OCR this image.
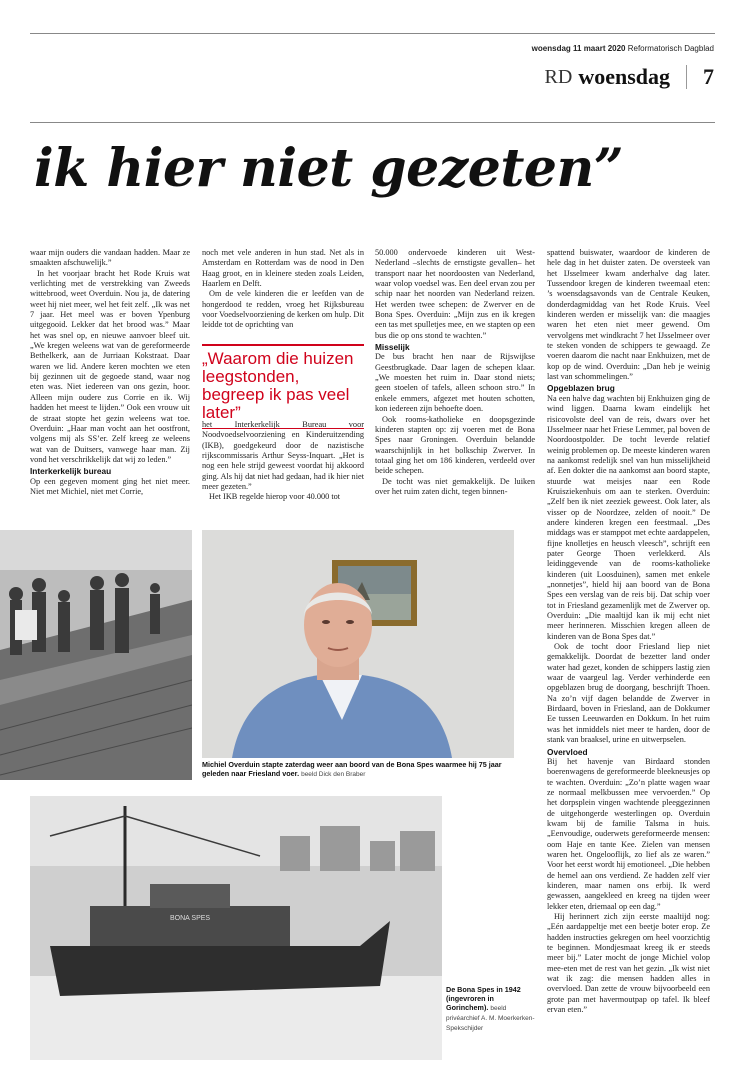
woensdag 11 maart 2020 Reformatorisch Dagblad
RD woensdag 7
ik hier niet gezeten”

waar mijn ouders die vandaan hadden. Maar ze smaakten afschuwelijk.”

In het voorjaar bracht het Rode Kruis wat verlichting met de verstrekking van Zweeds wittebrood, weet Overduin. Nou ja, de datering weet hij niet meer, wel het feit zelf. „Ik was net 7 jaar. Het meel was er boven Ypenburg uitgegooid. Lekker dat het brood was.” Maar het was snel op, en nieuwe aanvoer bleef uit. „We kregen weleens wat van de gereformeerde Bethelkerk, aan de Jurriaan Kokstraat. Daar waren we lid. Andere keren mochten we eten bij gezinnen uit de gegoede stand, waar nog eten was. Niet iedereen van ons gezin, hoor. Alleen mijn oudere zus Corrie en ik. Wij hadden het meest te lijden.” Ook een vrouw uit de straat stopte het gezin weleens wat toe. Overduin: „Haar man vocht aan het oostfront, volgens mij als SS’er. Zelf kreeg ze weleens wat van de Duitsers, vanwege haar man. Zij vond het verschrikkelijk dat wij zo leden.”

Interkerkelijk bureau

Op een gegeven moment ging het niet meer. Niet met Michiel, niet met Corrie,

noch met vele anderen in hun stad. Net als in Amsterdam en Rotterdam was de nood in Den Haag groot, en in kleinere steden zoals Leiden, Haarlem en Delft.

Om de vele kinderen die er leefden van de hongerdood te redden, vroeg het Rijksbureau voor Voedselvoorziening de kerken om hulp. Dit leidde tot de oprichting van

„Waarom die huizen leegstonden, begreep ik pas veel later”

het Interkerkelijk Bureau voor Noodvoedselvoorziening en Kinderuitzending (IKB), goedgekeurd door de nazistische rijkscommissaris Arthur Seyss-Inquart. „Het is nog een hele strijd geweest voordat hij akkoord ging. Als hij dat niet had gedaan, had ik hier niet meer gezeten.”

Het IKB regelde hierop voor 40.000 tot

50.000 ondervoede kinderen uit West-Nederland –slechts de ernstigste gevallen– het transport naar het noordoosten van Nederland, waar volop voedsel was. Een deel ervan zou per schip naar het noorden van Nederland reizen. Het werden twee schepen: de Zwerver en de Bona Spes. Overduin: „Mijn zus en ik kregen een tas met spulletjes mee, en we stapten op een bus die op ons stond te wachten.”

Misselijk

De bus bracht hen naar de Rijswijkse Geestbrugkade. Daar lagen de schepen klaar. „We moesten het ruim in. Daar stond niets; geen stoelen of tafels, alleen schoon stro.” In enkele emmers, afgezet met houten schotten, kon iedereen zijn behoefte doen.

Ook rooms-katholieke en doopsgezinde kinderen stapten op: zij voeren met de Bona Spes naar Groningen. Overduin belandde waarschijnlijk in het bolkschip Zwerver. In totaal ging het om 186 kinderen, verdeeld over beide schepen.

De tocht was niet gemakkelijk. De luiken over het ruim zaten dicht, tegen binnen-

spattend buiswater, waardoor de kinderen de hele dag in het duister zaten. De oversteek van het IJsselmeer kwam anderhalve dag later. Tussendoor kregen de kinderen tweemaal eten: ’s woensdagsavonds van de Centrale Keuken, donderdagmiddag van het Rode Kruis. Veel kinderen werden er misselijk van: die maagjes waren het eten niet meer gewend. Om vervolgens met windkracht 7 het IJsselmeer over te steken vonden de schippers te gewaagd. Ze voeren daarom die nacht naar Enkhuizen, met de kop op de wind. Overduin: „Dan heb je weinig last van schommelingen.”

Opgeblazen brug

Na een halve dag wachten bij Enkhuizen ging de wind liggen. Daarna kwam eindelijk het risicovolste deel van de reis, dwars over het IJsselmeer naar het Friese Lemmer, pal boven de Noordoostpolder. De tocht leverde relatief weinig problemen op. De meeste kinderen waren na aankomst redelijk snel van hun misselijkheid af. Een dokter die na aankomst aan boord stapte, stuurde wat meisjes naar een Rode Kruisziekenhuis om aan te sterken. Overduin: „Zelf ben ik niet zeeziek geweest. Ook later, als visser op de Noordzee, zelden of nooit.” De andere kinderen kregen een feestmaal. „Des middags was er stamppot met echte aardappelen, fijne knolletjes en heusch vleesch”, schrijft een pater George Thoen verlekkerd. Als leidinggevende van de rooms-katholieke kinderen (uit Loosduinen), samen met enkele „nonnetjes”, hield hij aan boord van de Bona Spes een verslag van de reis bij. Dat schip voer tot in Friesland gezamenlijk met de Zwerver op. Overduin: „Die maaltijd kan ik mij echt niet meer herinneren. Misschien kregen alleen de kinderen van de Bona Spes dat.”

Ook de tocht door Friesland liep niet gemakkelijk. Doordat de bezetter land onder water had gezet, konden de schippers lastig zien waar de vaargeul lag. Verder verhinderde een opgeblazen brug de doorgang, beschrijft Thoen. Na zo’n vijf dagen belandde de Zwerver in Birdaard, boven in Friesland, aan de Dokkumer Ee tussen Leeuwarden en Dokkum. In het ruim was het inmiddels niet meer te harden, door de stank van braaksel, urine en uitwerpselen.

Overvloed

Bij het havenje van Birdaard stonden boerenwagens de gereformeerde bleekneusjes op te wachten. Overduin: „Zo’n platte wagen waar ze normaal melkbussen mee vervoerden.” Op het dorpsplein vingen wachtende pleeggezinnen de uitgehongerde westerlingen op. Overduin kwam bij de familie Talsma in huis. „Eenvoudige, ouderwets gereformeerde mensen: oom Haje en tante Kee. Zielen van mensen waren het. Ongelooflijk, zo lief als ze waren.” Voor het eerst wordt hij emotioneel. „Die hebben de hemel aan ons verdiend. Ze hadden zelf vier kinderen, maar namen ons erbij. Ik werd gewassen, aangekleed en kreeg na tijden weer lekker eten, driemaal op een dag.”

Hij herinnert zich zijn eerste maaltijd nog: „Eén aardappeltje met een beetje boter erop. Ze hadden instructies gekregen om heel voorzichtig te beginnen. Mondjesmaat kreeg ik er steeds meer bij.” Later mocht de jonge Michiel volop mee-eten met de rest van het gezin. „Ik wist niet wat ik zag: die mensen hadden alles in overvloed. Dan zette de vrouw bijvoorbeeld een grote pan met havermoutpap op tafel. Ik bleef ervan eten.”

Michiel Overduin stapte zaterdag weer aan boord van de Bona Spes waarmee hij 75 jaar geleden naar Friesland voer. beeld Dick den Braber
BONA SPES
De Bona Spes in 1942 (ingevroren in Gorinchem). beeld privéarchief A. M. Moerkerken-Spekschijder
